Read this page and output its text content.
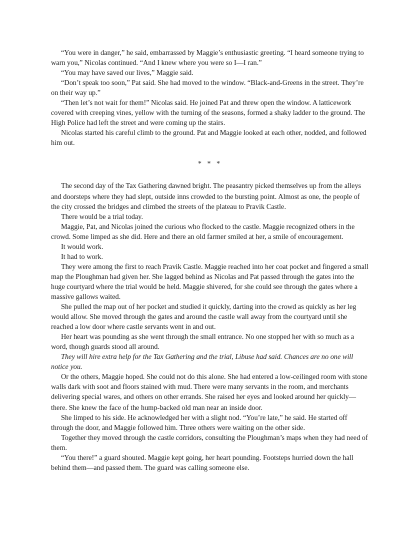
“You were in danger,” he said, embarrassed by Maggie’s enthusiastic greeting. “I heard someone trying to warn you,” Nicolas continued. “And I knew where you were so I—I ran.”

“You may have saved our lives,” Maggie said.

“Don’t speak too soon,” Pat said. She had moved to the window. “Black-and-Greens in the street. They’re on their way up.”

“Then let’s not wait for them!” Nicolas said. He joined Pat and threw open the window. A latticework covered with creeping vines, yellow with the turning of the seasons, formed a shaky ladder to the ground. The High Police had left the street and were coming up the stairs.

Nicolas started his careful climb to the ground. Pat and Maggie looked at each other, nodded, and followed him out.

* * *

The second day of the Tax Gathering dawned bright. The peasantry picked themselves up from the alleys and doorsteps where they had slept, outside inns crowded to the bursting point. Almost as one, the people of the city crossed the bridges and climbed the streets of the plateau to Pravik Castle.

There would be a trial today.

Maggie, Pat, and Nicolas joined the curious who flocked to the castle. Maggie recognized others in the crowd. Some limped as she did. Here and there an old farmer smiled at her, a smile of encouragement.

It would work.

It had to work.

They were among the first to reach Pravik Castle. Maggie reached into her coat pocket and fingered a small map the Ploughman had given her. She lagged behind as Nicolas and Pat passed through the gates into the huge courtyard where the trial would be held. Maggie shivered, for she could see through the gates where a massive gallows waited.

She pulled the map out of her pocket and studied it quickly, darting into the crowd as quickly as her leg would allow. She moved through the gates and around the castle wall away from the courtyard until she reached a low door where castle servants went in and out.

Her heart was pounding as she went through the small entrance. No one stopped her with so much as a word, though guards stood all around.

They will hire extra help for the Tax Gathering and the trial, Libuse had said. Chances are no one will notice you.

Or the others, Maggie hoped. She could not do this alone. She had entered a low-ceilinged room with stone walls dark with soot and floors stained with mud. There were many servants in the room, and merchants delivering special wares, and others on other errands. She raised her eyes and looked around her quickly—there. She knew the face of the hump-backed old man near an inside door.

She limped to his side. He acknowledged her with a slight nod. “You’re late,” he said. He started off through the door, and Maggie followed him. Three others were waiting on the other side.

Together they moved through the castle corridors, consulting the Ploughman’s maps when they had need of them.

“You there!” a guard shouted. Maggie kept going, her heart pounding. Footsteps hurried down the hall behind them—and passed them. The guard was calling someone else.
